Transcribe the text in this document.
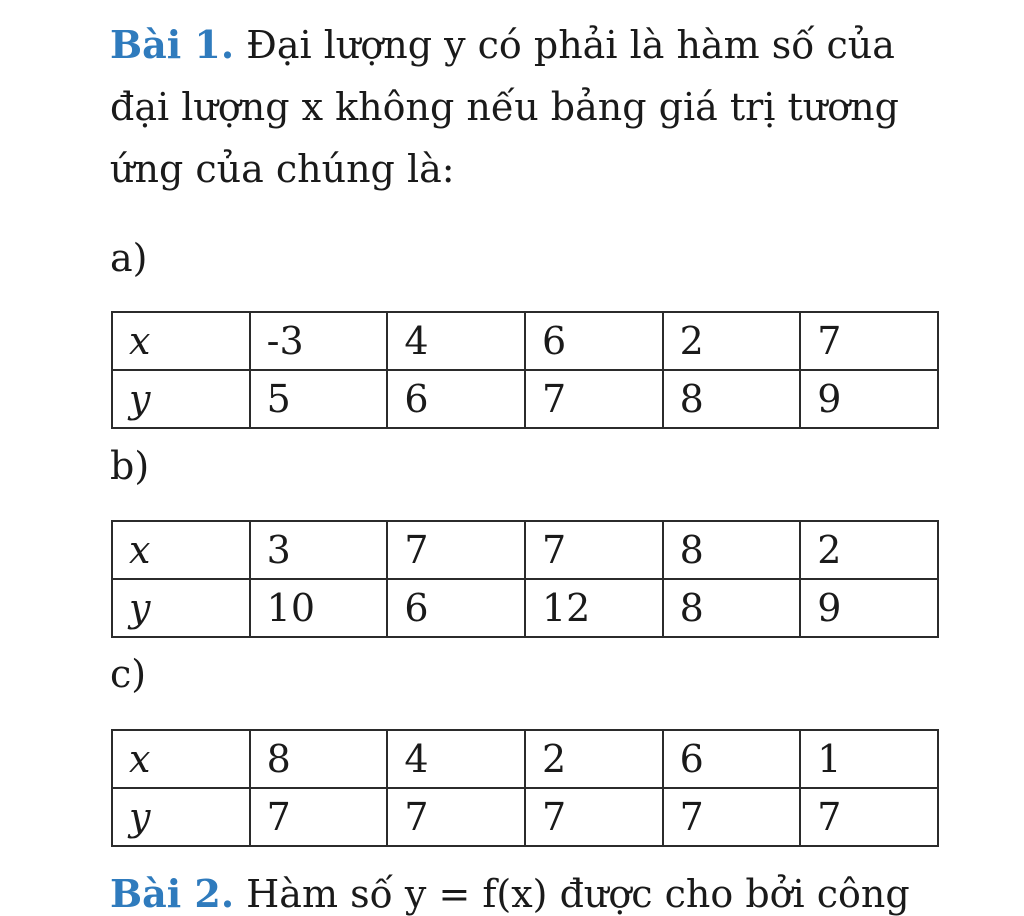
Bài 1. Đại lượng y có phải là hàm số của đại lượng x không nếu bảng giá trị tương ứng của chúng là:
a)
x	-3	4	6	2	7
y	5	6	7	8	9
b)
x	3	7	7	8	2
y	10	6	12	8	9
c)
x	8	4	2	6	1
y	7	7	7	7	7
Bài 2. Hàm số y = f(x) được cho bởi công
